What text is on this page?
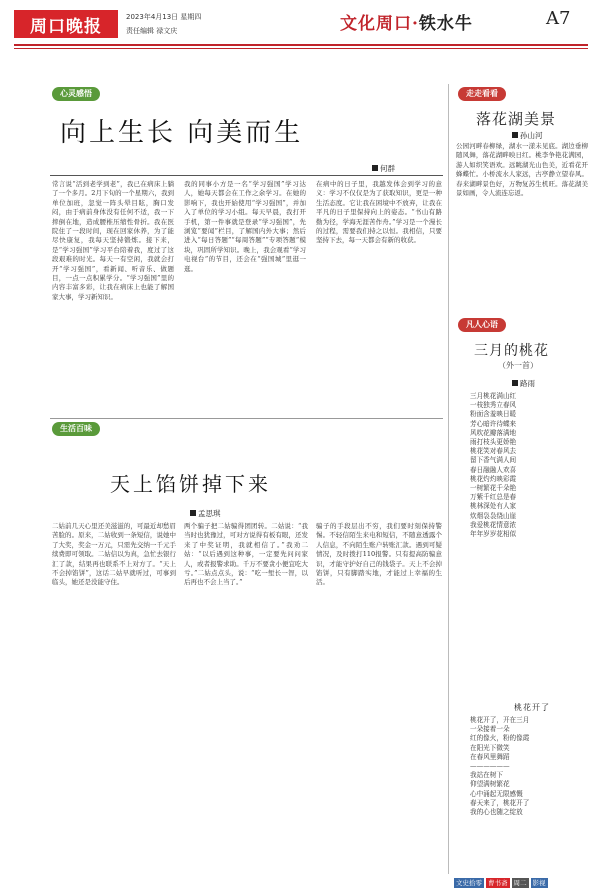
周口晚报	2023年4月13日 星期四
责任编辑 禄文庆	文化周口·铁水牛	A7
心灵感悟
向上生长 向美而生
何群
常言说“活到老学到老”，我已在病床上躺了一个多月。2月下旬的一个星期六，我到单位加班，忽觉一阵头晕目眩，胸口发闷，由于病前身体没有任何不适，我一下摔倒在地，造成腰椎压缩性骨折。我在医院住了一段时间，现在回家休养，为了能尽快康复，我每天坚持锻炼。接下来，是“学习强国”学习平台陪着我，度过了这段艰难的时光。每天一有空闲，我就会打开“学习强国”，看新闻、听音乐、做题目，一点一点积累学分。“学习强国”里的内容丰富多彩，让我在病床上也能了解国家大事，学习新知识。
我的同事小方是一名“学习强国”学习达人，她每天都会在工作之余学习。在她的影响下，我也开始使用“学习强国”，并加入了单位的学习小组。每天早晨，我打开手机，第一件事就是登录“学习强国”，先浏览“要闻”栏目，了解国内外大事；然后进入“每日答题”“每周答题”“专项答题”模块，巩固所学知识。晚上，我会观看“学习电视台”的节目，还会在“强国城”里逛一逛。
在病中的日子里，我越发体会到学习的意义：学习不仅仅是为了获取知识，更是一种生活态度。它让我在困境中不放弃，让我在平凡的日子里保持向上的姿态。“书山有路勤为径，学海无涯苦作舟。”学习是一个漫长的过程，需要我们持之以恒。我相信，只要坚持下去，每一天都会有新的收获。
走走看看
落花湖美景
孙山河
公园河畔春柳绿，湖水一漾未见底。湖边垂柳随风舞，落花湖畔映日红。桃李争艳花满园，游人如织笑语欢。远眺湖光山色美，近看花开蜂蝶忙。小桥流水人家远，古亭静立望春风。春来湖畔景色好，万物复苏生机旺。落花湖美景如画，令人流连忘返。
凡人心语
三月的桃花
（外一首）
路雨
三月桃花满山红
一枝独秀立春风
粉面含羞映日暖
芳心暗许待蝶来
风吹花瓣落满地
雨打枝头更娇艳
桃花笑对春风去
留下香气满人间
春日融融人欢喜
桃花灼灼映彩霞
一树繁花千朵艳
万紫千红总是春
桃林深处有人家
炊烟袅袅绕山崖
我爱桃花情意浓
年年岁岁花相似
桃花开了
桃花开了，开在三月
一朵接着一朵
红的像火，粉的像霞
在阳光下微笑
在春风里舞蹈
——————
我站在树下
仰望满树繁花
心中涌起无限感慨
春天来了，桃花开了
我的心也随之绽放
生活百味
天上馅饼掉下来
孟思琪
二姑前几天心里还美滋滋的，可最近却愁眉苦脸的。原来，二姑收到一条短信，说她中了大奖，奖金一万元，只需先交纳一千元手续费即可领取。二姑信以为真，急忙去银行汇了款，结果再也联系不上对方了。“天上不会掉馅饼”，这话二姑早就听过，可事到临头，她还是没能守住。
两个骗子把二姑骗得团团转。二姑说：“我当时也犹豫过，可对方说得有板有眼，还发来了中奖证明，我就相信了。”我劝二姑：“以后遇到这种事，一定要先问问家人，或者报警求助。千万不要贪小便宜吃大亏。”二姑点点头，说：“吃一堑长一智，以后再也不会上当了。”
骗子的手段层出不穷，我们要时刻保持警惕。不轻信陌生来电和短信，不随意透露个人信息，不向陌生账户转账汇款。遇到可疑情况，及时拨打110报警。只有提高防骗意识，才能守护好自己的钱袋子。天上不会掉馅饼，只有脚踏实地，才能过上幸福的生活。
文史拾零 曹书斋 周二 影视
